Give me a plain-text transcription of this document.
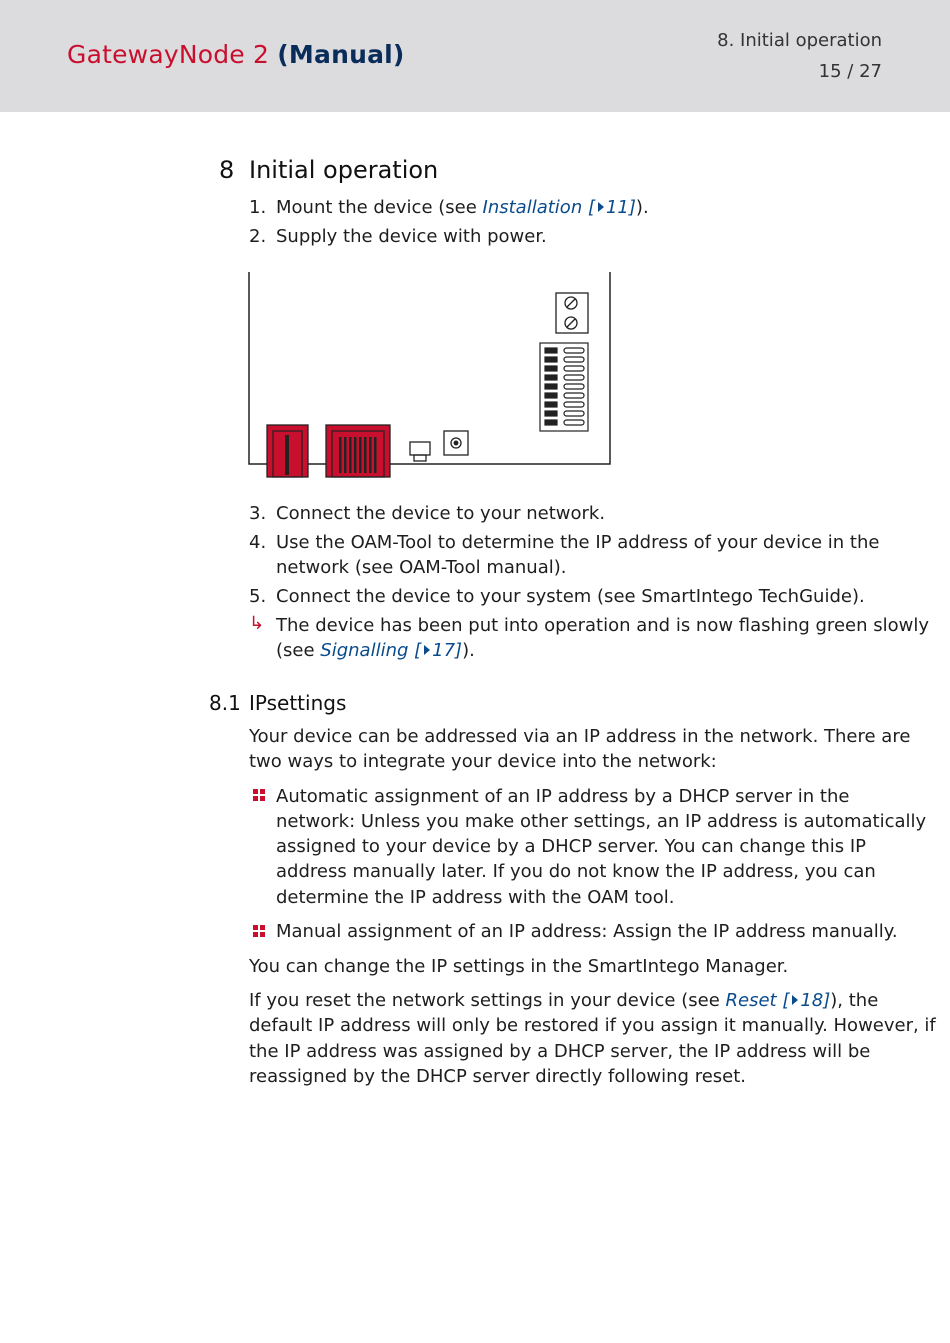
GatewayNode 2 (Manual)	8. Initial operation
15 / 27
8 Initial operation
1. Mount the device (see Installation [ 11]).
2. Supply the device with power.
3. Connect the device to your network.
4. Use the OAM-Tool to determine the IP address of your device in the
network (see OAM-Tool manual).
5. Connect the device to your system (see SmartIntego TechGuide).
↳ The device has been put into operation and is now flashing green slowly
(see Signalling [ 17]).
8.1 IPsettings
Your device can be addressed via an IP address in the network. There are
two ways to integrate your device into the network:
Automatic assignment of an IP address by a DHCP server in the
network: Unless you make other settings, an IP address is automatically
assigned to your device by a DHCP server. You can change this IP
address manually later. If you do not know the IP address, you can
determine the IP address with the OAM tool.
Manual assignment of an IP address: Assign the IP address manually.
You can change the IP settings in the SmartIntego Manager.
If you reset the network settings in your device (see Reset [ 18]), the
default IP address will only be restored if you assign it manually. However, if
the IP address was assigned by a DHCP server, the IP address will be
reassigned by the DHCP server directly following reset.
